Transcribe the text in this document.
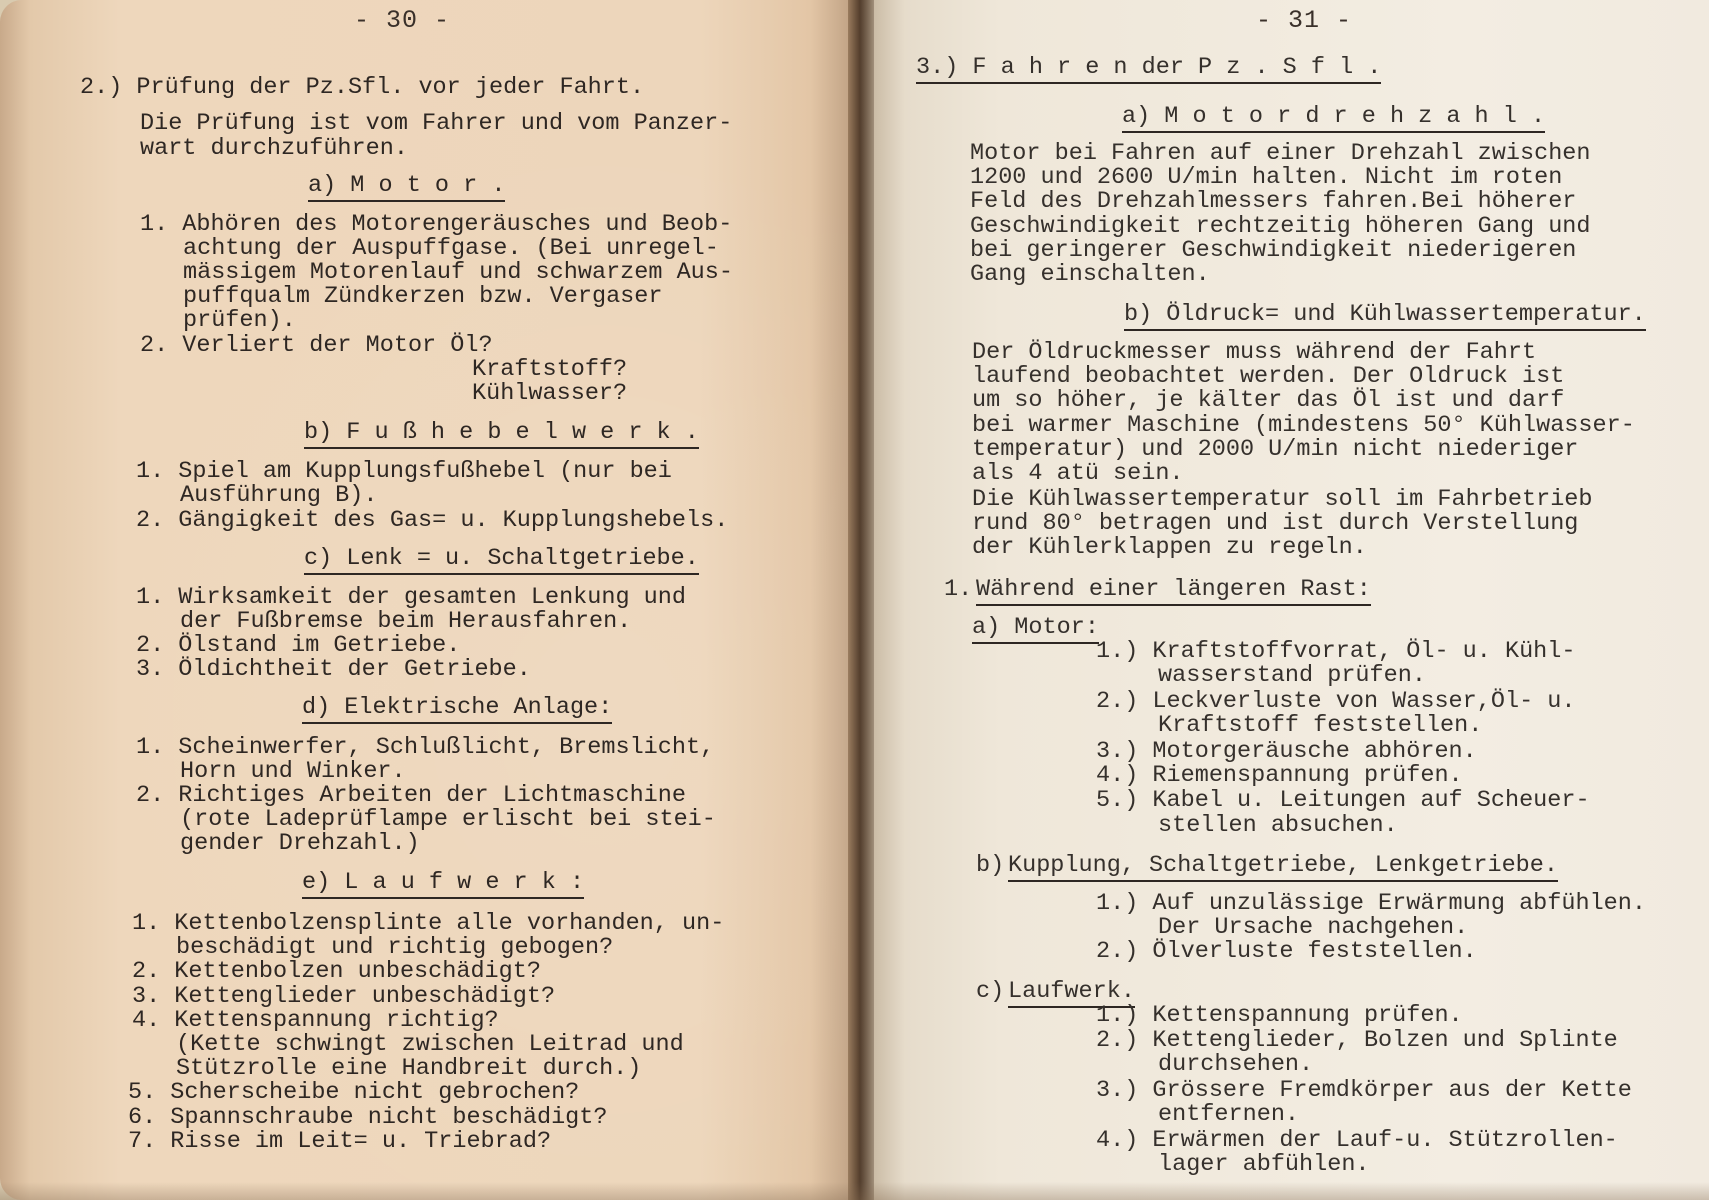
- 30 -
2.) Prüfung der Pz.Sfl. vor jeder Fahrt.
Die Prüfung ist vom Fahrer und vom Panzer-
wart durchzuführen.
a) M o t o r .
1. Abhören des Motorengeräusches und Beob-
achtung der Auspuffgase. (Bei unregel-
mässigem Motorenlauf und schwarzem Aus-
puffqualm Zündkerzen bzw. Vergaser
prüfen).
2. Verliert der Motor Öl?
Kraftstoff?
Kühlwasser?
b) F u ß h e b e l w e r k .
1. Spiel am Kupplungsfußhebel (nur bei
Ausführung B).
2. Gängigkeit des Gas= u. Kupplungshebels.
c) Lenk = u. Schaltgetriebe.
1. Wirksamkeit der gesamten Lenkung und
der Fußbremse beim Herausfahren.
2. Ölstand im Getriebe.
3. Öldichtheit der Getriebe.
d) Elektrische Anlage:
1. Scheinwerfer, Schlußlicht, Bremslicht,
Horn und Winker.
2. Richtiges Arbeiten der Lichtmaschine
(rote Ladeprüflampe erlischt bei stei-
gender Drehzahl.)
e) L a u f w e r k :
1. Kettenbolzensplinte alle vorhanden, un-
beschädigt und richtig gebogen?
2. Kettenbolzen unbeschädigt?
3. Kettenglieder unbeschädigt?
4. Kettenspannung richtig?
(Kette schwingt zwischen Leitrad und
Stützrolle eine Handbreit durch.)
5. Scherscheibe nicht gebrochen?
6. Spannschraube nicht beschädigt?
7. Risse im Leit= u. Triebrad?
- 31 -
3.) F a h r e n der P z . S f l .
a) M o t o r d r e h z a h l .
Motor bei Fahren auf einer Drehzahl zwischen
1200 und 2600 U/min halten. Nicht im roten
Feld des Drehzahlmessers fahren.Bei höherer
Geschwindigkeit rechtzeitig höheren Gang und
bei geringerer Geschwindigkeit niederigeren
Gang einschalten.
b) Öldruck= und Kühlwassertemperatur.
Der Öldruckmesser muss während der Fahrt
laufend beobachtet werden. Der Oldruck ist
um so höher, je kälter das Öl ist und darf
bei warmer Maschine (mindestens 50° Kühlwasser-
temperatur) und 2000 U/min nicht niederiger
als 4 atü sein.
Die Kühlwassertemperatur soll im Fahrbetrieb
rund 80° betragen und ist durch Verstellung
der Kühlerklappen zu regeln.
1. Während einer längeren Rast:
a) Motor:
1.) Kraftstoffvorrat, Öl- u. Kühl-
wasserstand prüfen.
2.) Leckverluste von Wasser,Öl- u.
Kraftstoff feststellen.
3.) Motorgeräusche abhören.
4.) Riemenspannung prüfen.
5.) Kabel u. Leitungen auf Scheuer-
stellen absuchen.
b) Kupplung, Schaltgetriebe, Lenkgetriebe.
1.) Auf unzulässige Erwärmung abfühlen.
Der Ursache nachgehen.
2.) Ölverluste feststellen.
c) Laufwerk.
1.) Kettenspannung prüfen.
2.) Kettenglieder, Bolzen und Splinte
durchsehen.
3.) Grössere Fremdkörper aus der Kette
entfernen.
4.) Erwärmen der Lauf-u. Stützrollen-
lager abfühlen.
